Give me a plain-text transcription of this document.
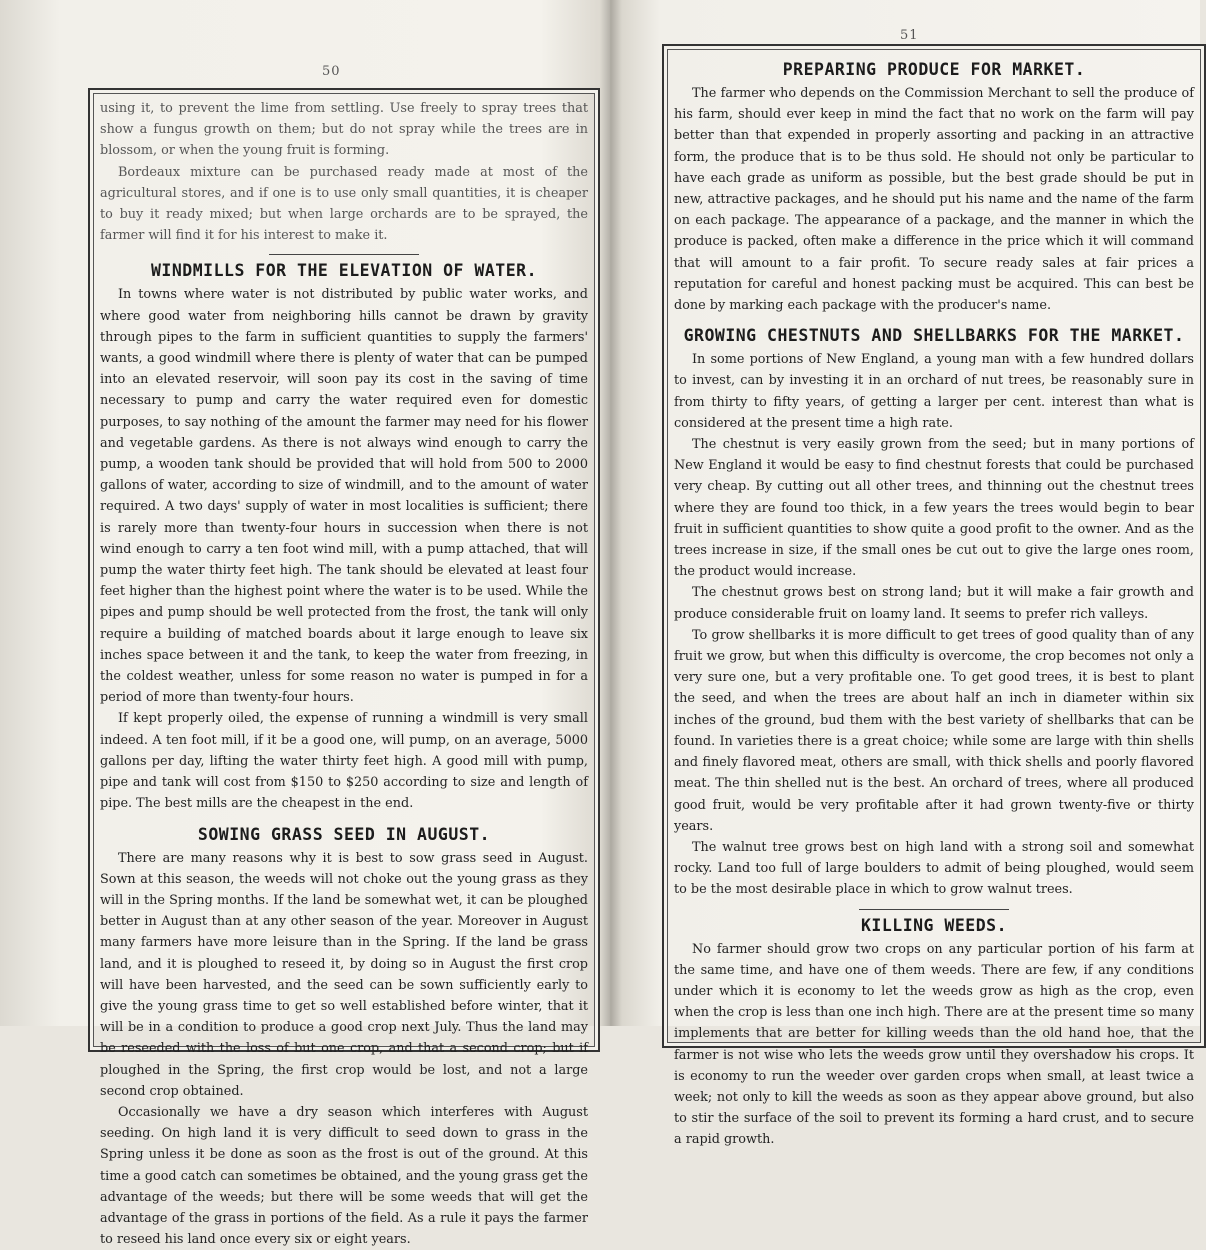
50

using it, to prevent the lime from settling. Use freely to spray trees that show a fungus growth on them; but do not spray while the trees are in blossom, or when the young fruit is forming.

Bordeaux mixture can be purchased ready made at most of the agricultural stores, and if one is to use only small quantities, it is cheaper to buy it ready mixed; but when large orchards are to be sprayed, the farmer will find it for his interest to make it.

WINDMILLS FOR THE ELEVATION OF WATER.

In towns where water is not distributed by public water works, and where good water from neighboring hills cannot be drawn by gravity through pipes to the farm in sufficient quantities to supply the farmers' wants, a good windmill where there is plenty of water that can be pumped into an elevated reservoir, will soon pay its cost in the saving of time necessary to pump and carry the water required even for domestic purposes, to say nothing of the amount the farmer may need for his flower and vegetable gardens. As there is not always wind enough to carry the pump, a wooden tank should be provided that will hold from 500 to 2000 gallons of water, according to size of windmill, and to the amount of water required. A two days' supply of water in most localities is sufficient; there is rarely more than twenty-four hours in succession when there is not wind enough to carry a ten foot wind mill, with a pump attached, that will pump the water thirty feet high. The tank should be elevated at least four feet higher than the highest point where the water is to be used. While the pipes and pump should be well protected from the frost, the tank will only require a building of matched boards about it large enough to leave six inches space between it and the tank, to keep the water from freezing, in the coldest weather, unless for some reason no water is pumped in for a period of more than twenty-four hours.

If kept properly oiled, the expense of running a windmill is very small indeed. A ten foot mill, if it be a good one, will pump, on an average, 5000 gallons per day, lifting the water thirty feet high. A good mill with pump, pipe and tank will cost from $150 to $250 according to size and length of pipe. The best mills are the cheapest in the end.

SOWING GRASS SEED IN AUGUST.

There are many reasons why it is best to sow grass seed in August. Sown at this season, the weeds will not choke out the young grass as they will in the Spring months. If the land be somewhat wet, it can be ploughed better in August than at any other season of the year. Moreover in August many farmers have more leisure than in the Spring. If the land be grass land, and it is ploughed to reseed it, by doing so in August the first crop will have been harvested, and the seed can be sown sufficiently early to give the young grass time to get so well established before winter, that it will be in a condition to produce a good crop next July. Thus the land may be reseeded with the loss of but one crop, and that a second crop; but if ploughed in the Spring, the first crop would be lost, and not a large second crop obtained.

Occasionally we have a dry season which interferes with August seeding. On high land it is very difficult to seed down to grass in the Spring unless it be done as soon as the frost is out of the ground. At this time a good catch can sometimes be obtained, and the young grass get the advantage of the weeds; but there will be some weeds that will get the advantage of the grass in portions of the field. As a rule it pays the farmer to reseed his land once every six or eight years.

51
PREPARING PRODUCE FOR MARKET.

The farmer who depends on the Commission Merchant to sell the produce of his farm, should ever keep in mind the fact that no work on the farm will pay better than that expended in properly assorting and packing in an attractive form, the produce that is to be thus sold. He should not only be particular to have each grade as uniform as possible, but the best grade should be put in new, attractive packages, and he should put his name and the name of the farm on each package. The appearance of a package, and the manner in which the produce is packed, often make a difference in the price which it will command that will amount to a fair profit. To secure ready sales at fair prices a reputation for careful and honest packing must be acquired. This can best be done by marking each package with the producer's name.

GROWING CHESTNUTS AND SHELLBARKS FOR THE MARKET.

In some portions of New England, a young man with a few hundred dollars to invest, can by investing it in an orchard of nut trees, be reasonably sure in from thirty to fifty years, of getting a larger per cent. interest than what is considered at the present time a high rate.

The chestnut is very easily grown from the seed; but in many portions of New England it would be easy to find chestnut forests that could be purchased very cheap. By cutting out all other trees, and thinning out the chestnut trees where they are found too thick, in a few years the trees would begin to bear fruit in sufficient quantities to show quite a good profit to the owner. And as the trees increase in size, if the small ones be cut out to give the large ones room, the product would increase.

The chestnut grows best on strong land; but it will make a fair growth and produce considerable fruit on loamy land. It seems to prefer rich valleys.

To grow shellbarks it is more difficult to get trees of good quality than of any fruit we grow, but when this difficulty is overcome, the crop becomes not only a very sure one, but a very profitable one. To get good trees, it is best to plant the seed, and when the trees are about half an inch in diameter within six inches of the ground, bud them with the best variety of shellbarks that can be found. In varieties there is a great choice; while some are large with thin shells and finely flavored meat, others are small, with thick shells and poorly flavored meat. The thin shelled nut is the best. An orchard of trees, where all produced good fruit, would be very profitable after it had grown twenty-five or thirty years.

The walnut tree grows best on high land with a strong soil and somewhat rocky. Land too full of large boulders to admit of being ploughed, would seem to be the most desirable place in which to grow walnut trees.

KILLING WEEDS.

No farmer should grow two crops on any particular portion of his farm at the same time, and have one of them weeds. There are few, if any conditions under which it is economy to let the weeds grow as high as the crop, even when the crop is less than one inch high. There are at the present time so many implements that are better for killing weeds than the old hand hoe, that the farmer is not wise who lets the weeds grow until they overshadow his crops. It is economy to run the weeder over garden crops when small, at least twice a week; not only to kill the weeds as soon as they appear above ground, but also to stir the surface of the soil to prevent its forming a hard crust, and to secure a rapid growth.
